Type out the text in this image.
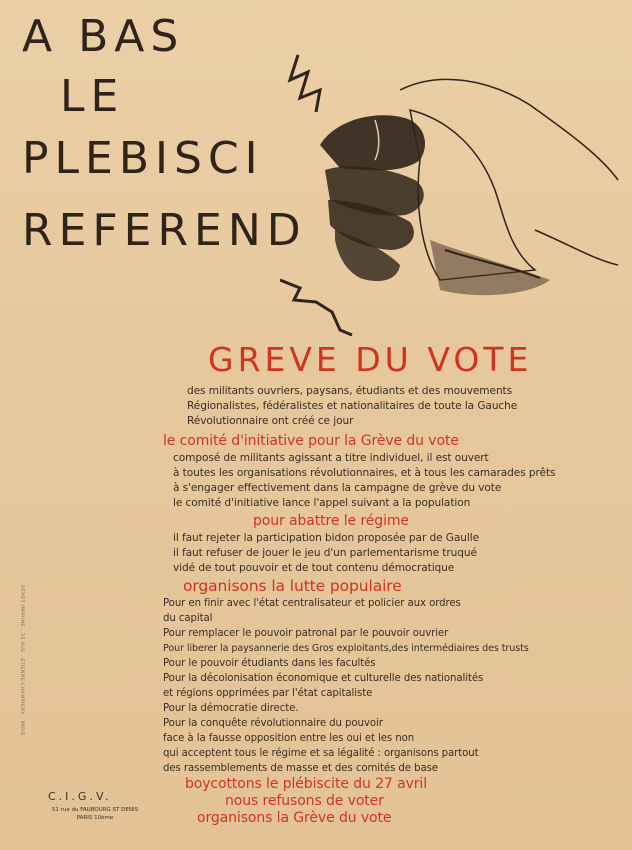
A BAS
LE
PLEBISCI
REFEREND
GREVE DU VOTE
des militants ouvriers, paysans, étudiants et des mouvements
Régionalistes, fédéralistes et nationalitaires de toute la Gauche
Révolutionnaire ont créé ce jour
le comité d'initiative pour la Grève du vote
composé de militants agissant a titre individuel, il est ouvert
à toutes les organisations révolutionnaires, et à tous les camarades prêts
à s'engager effectivement dans la campagne de grève du vote
le comité d'initiative lance l'appel suivant a la population
pour abattre le régime
il faut rejeter la participation bidon proposée par de Gaulle
il faut refuser de jouer le jeu d'un parlementarisme truqué
vidé de tout pouvoir et de tout contenu démocratique
organisons la lutte populaire
Pour en finir avec l'état centralisateur et policier aux ordres
du capital
Pour remplacer le pouvoir patronal par le pouvoir ouvrier
Pour liberer la paysannerie des Gros exploitants,des intermédiaires des trusts
Pour le pouvoir étudiants dans les facultés
Pour la décolonisation économique et culturelle des nationalités
et régions opprimées par l'état capitaliste
Pour la démocratie directe.
Pour la conquête révolutionnaire du pouvoir
face à la fausse opposition entre les oui et les non
qui acceptent tous le régime et sa légalité : organisons partout
des rassemblements de masse et des comités de base
boycottons le plébiscite du 27 avril
nous refusons de voter
organisons la Grève du vote
DÉPÔT IMPRIMÉ . 35 RUE . ÉTIENNE CHAMPIGNY . PARIS
C.I.G.V.
51 rue du FAUBOURG ST DENIS
PARIS 10ème
